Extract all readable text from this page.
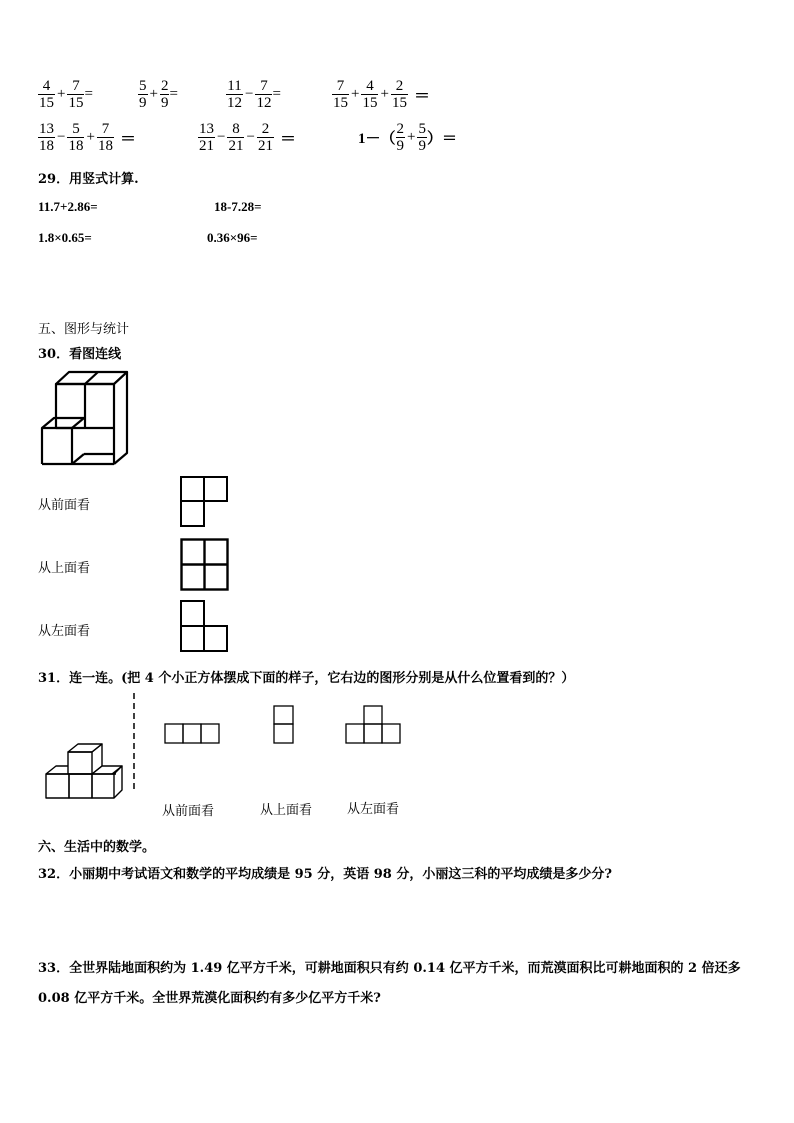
$\frac{4}{15} + \frac{7}{15}$ =	$\frac{5}{9} + \frac{2}{9}$ =	$\frac{11}{12} - \frac{7}{12}$ =	$\frac{7}{15} + \frac{4}{15} + \frac{2}{15}$ ＝
$\frac{13}{18} - \frac{5}{18} + \frac{7}{18}$ ＝	$\frac{13}{21} - \frac{8}{21} - \frac{2}{21}$ ＝	$1-( \frac{2}{9} + \frac{5}{9}$ ）＝
29．用竖式计算.
11.7+2.86=	18-7.28=
1.8×0.65=	0.36×96=
五、图形与统计
30．看图连线
从前面看
从上面看
从左面看
31．连一连。(把 4 个小正方体摆成下面的样子，它右边的图形分别是从什么位置看到的？）
从前面看	从上面看	从左面看
六、生活中的数学。
32．小丽期中考试语文和数学的平均成绩是 95 分，英语 98 分，小丽这三科的平均成绩是多少分?
33．全世界陆地面积约为 1.49 亿平方千米，可耕地面积只有约 0.14 亿平方千米，而荒漠面积比可耕地面积的 2 倍还多
0.08 亿平方千米。全世界荒漠化面积约有多少亿平方千米?
